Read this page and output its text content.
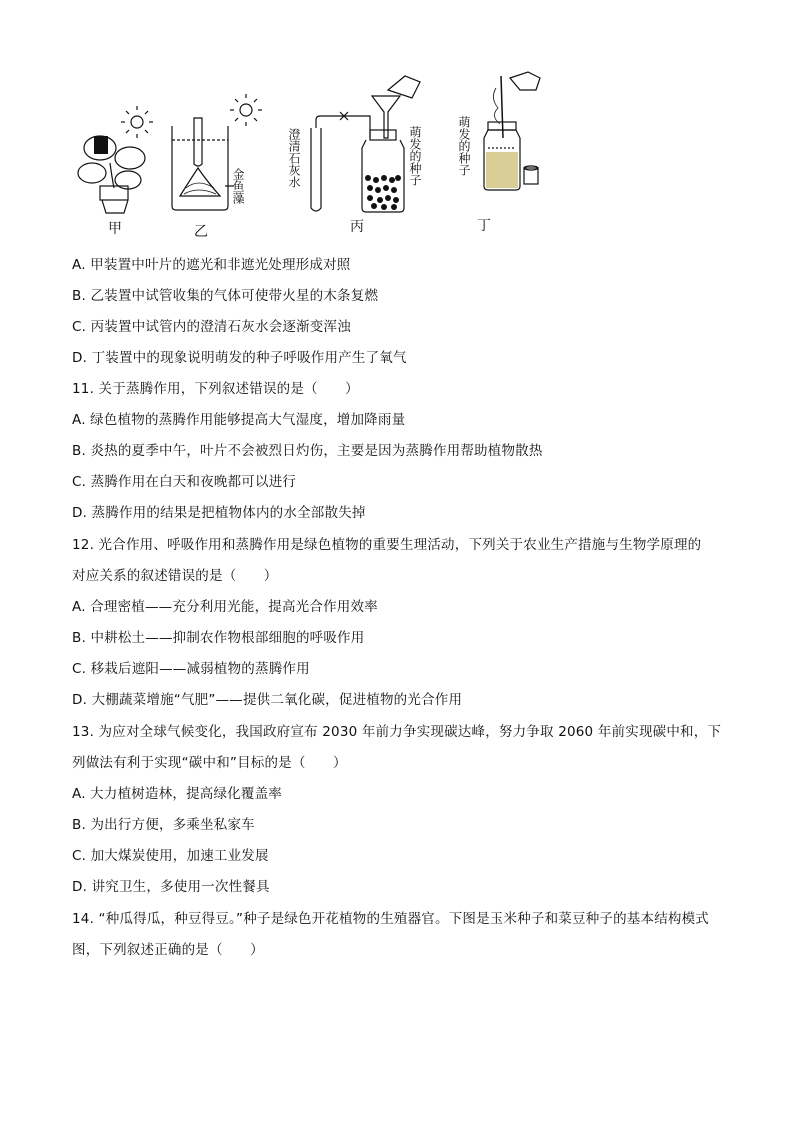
甲	乙	丙	丁
金鱼藻	澄清石灰水	萌发的种子	萌发的种子
A. 甲装置中叶片的遮光和非遮光处理形成对照
B. 乙装置中试管收集的气体可使带火星的木条复燃
C. 丙装置中试管内的澄清石灰水会逐渐变浑浊
D. 丁装置中的现象说明萌发的种子呼吸作用产生了氧气
11. 关于蒸腾作用，下列叙述错误的是（　　）
A. 绿色植物的蒸腾作用能够提高大气湿度，增加降雨量
B. 炎热的夏季中午，叶片不会被烈日灼伤，主要是因为蒸腾作用帮助植物散热
C. 蒸腾作用在白天和夜晚都可以进行
D. 蒸腾作用的结果是把植物体内的水全部散失掉
12. 光合作用、呼吸作用和蒸腾作用是绿色植物的重要生理活动，下列关于农业生产措施与生物学原理的
对应关系的叙述错误的是（　　）
A. 合理密植——充分利用光能，提高光合作用效率
B. 中耕松土——抑制农作物根部细胞的呼吸作用
C. 移栽后遮阳——减弱植物的蒸腾作用
D. 大棚蔬菜增施“气肥”——提供二氧化碳，促进植物的光合作用
13. 为应对全球气候变化，我国政府宣布 2030 年前力争实现碳达峰，努力争取 2060 年前实现碳中和，下
列做法有利于实现“碳中和”目标的是（　　）
A. 大力植树造林，提高绿化覆盖率
B. 为出行方便，多乘坐私家车
C. 加大煤炭使用，加速工业发展
D. 讲究卫生，多使用一次性餐具
14. “种瓜得瓜，种豆得豆。”种子是绿色开花植物的生殖器官。下图是玉米种子和菜豆种子的基本结构模式
图，下列叙述正确的是（　　）
